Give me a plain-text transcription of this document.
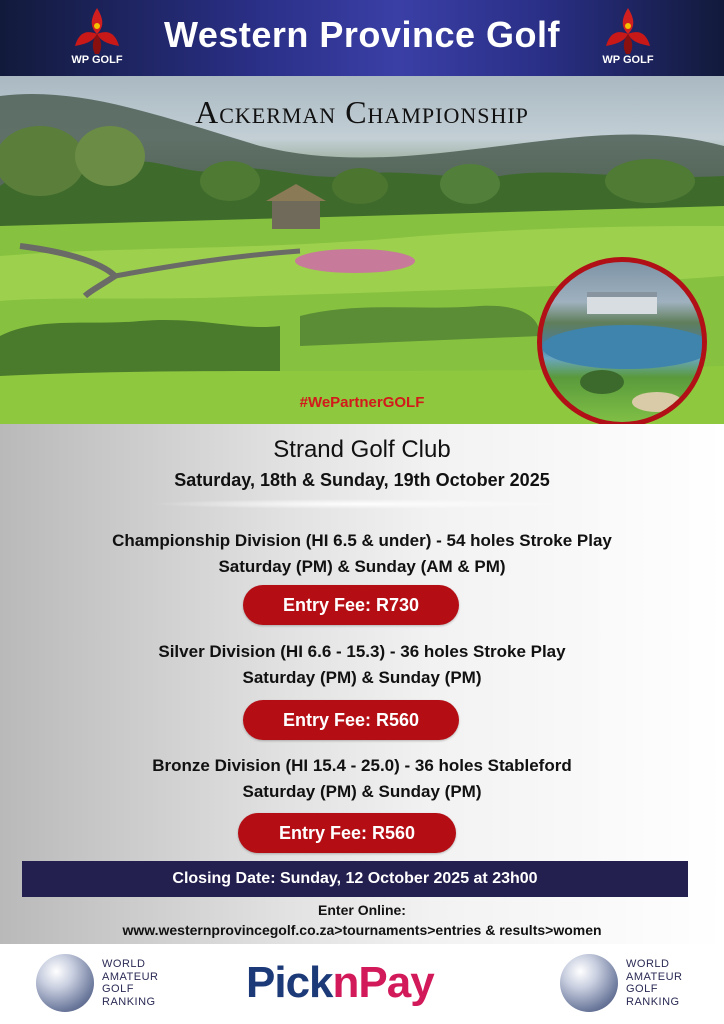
WP GOLF
Western Province Golf
WP GOLF
Ackerman Championship
#WePartnerGOLF
Strand Golf Club
Saturday, 18th & Sunday, 19th October 2025
Championship Division (HI 6.5 & under) - 54 holes Stroke Play
Saturday (PM) & Sunday (AM & PM)
Entry Fee: R730
Silver Division (HI 6.6 - 15.3) - 36 holes Stroke Play
Saturday (PM) & Sunday (PM)
Entry Fee: R560
Bronze Division (HI 15.4 - 25.0) - 36 holes Stableford
Saturday (PM) & Sunday (PM)
Entry Fee: R560
Closing Date: Sunday, 12 October 2025 at 23h00
Enter Online:
www.westernprovincegolf.co.za>tournaments>entries & results>women
WORLD
AMATEUR
GOLF
RANKING PicknPay	WORLD
AMATEUR
GOLF
RANKING
